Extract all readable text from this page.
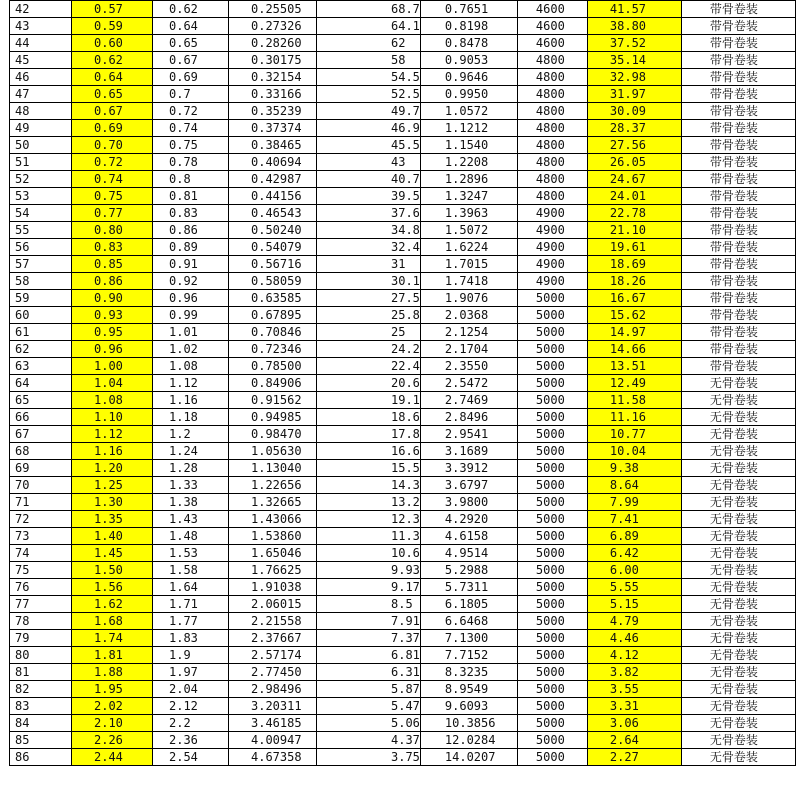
42	0.57	0.62	0.25505	68.7	0.7651	4600	41.57	带骨卷装
43	0.59	0.64	0.27326	64.1	0.8198	4600	38.80	带骨卷装
44	0.60	0.65	0.28260	62	0.8478	4600	37.52	带骨卷装
45	0.62	0.67	0.30175	58	0.9053	4800	35.14	带骨卷装
46	0.64	0.69	0.32154	54.5	0.9646	4800	32.98	带骨卷装
47	0.65	0.7	0.33166	52.5	0.9950	4800	31.97	带骨卷装
48	0.67	0.72	0.35239	49.7	1.0572	4800	30.09	带骨卷装
49	0.69	0.74	0.37374	46.9	1.1212	4800	28.37	带骨卷装
50	0.70	0.75	0.38465	45.5	1.1540	4800	27.56	带骨卷装
51	0.72	0.78	0.40694	43	1.2208	4800	26.05	带骨卷装
52	0.74	0.8	0.42987	40.7	1.2896	4800	24.67	带骨卷装
53	0.75	0.81	0.44156	39.5	1.3247	4800	24.01	带骨卷装
54	0.77	0.83	0.46543	37.6	1.3963	4900	22.78	带骨卷装
55	0.80	0.86	0.50240	34.8	1.5072	4900	21.10	带骨卷装
56	0.83	0.89	0.54079	32.4	1.6224	4900	19.61	带骨卷装
57	0.85	0.91	0.56716	31	1.7015	4900	18.69	带骨卷装
58	0.86	0.92	0.58059	30.1	1.7418	4900	18.26	带骨卷装
59	0.90	0.96	0.63585	27.5	1.9076	5000	16.67	带骨卷装
60	0.93	0.99	0.67895	25.8	2.0368	5000	15.62	带骨卷装
61	0.95	1.01	0.70846	25	2.1254	5000	14.97	带骨卷装
62	0.96	1.02	0.72346	24.2	2.1704	5000	14.66	带骨卷装
63	1.00	1.08	0.78500	22.4	2.3550	5000	13.51	带骨卷装
64	1.04	1.12	0.84906	20.6	2.5472	5000	12.49	无骨卷装
65	1.08	1.16	0.91562	19.1	2.7469	5000	11.58	无骨卷装
66	1.10	1.18	0.94985	18.6	2.8496	5000	11.16	无骨卷装
67	1.12	1.2	0.98470	17.8	2.9541	5000	10.77	无骨卷装
68	1.16	1.24	1.05630	16.6	3.1689	5000	10.04	无骨卷装
69	1.20	1.28	1.13040	15.5	3.3912	5000	9.38	无骨卷装
70	1.25	1.33	1.22656	14.3	3.6797	5000	8.64	无骨卷装
71	1.30	1.38	1.32665	13.2	3.9800	5000	7.99	无骨卷装
72	1.35	1.43	1.43066	12.3	4.2920	5000	7.41	无骨卷装
73	1.40	1.48	1.53860	11.3	4.6158	5000	6.89	无骨卷装
74	1.45	1.53	1.65046	10.6	4.9514	5000	6.42	无骨卷装
75	1.50	1.58	1.76625	9.93	5.2988	5000	6.00	无骨卷装
76	1.56	1.64	1.91038	9.17	5.7311	5000	5.55	无骨卷装
77	1.62	1.71	2.06015	8.5	6.1805	5000	5.15	无骨卷装
78	1.68	1.77	2.21558	7.91	6.6468	5000	4.79	无骨卷装
79	1.74	1.83	2.37667	7.37	7.1300	5000	4.46	无骨卷装
80	1.81	1.9	2.57174	6.81	7.7152	5000	4.12	无骨卷装
81	1.88	1.97	2.77450	6.31	8.3235	5000	3.82	无骨卷装
82	1.95	2.04	2.98496	5.87	8.9549	5000	3.55	无骨卷装
83	2.02	2.12	3.20311	5.47	9.6093	5000	3.31	无骨卷装
84	2.10	2.2	3.46185	5.06	10.3856	5000	3.06	无骨卷装
85	2.26	2.36	4.00947	4.37	12.0284	5000	2.64	无骨卷装
86	2.44	2.54	4.67358	3.75	14.0207	5000	2.27	无骨卷装
